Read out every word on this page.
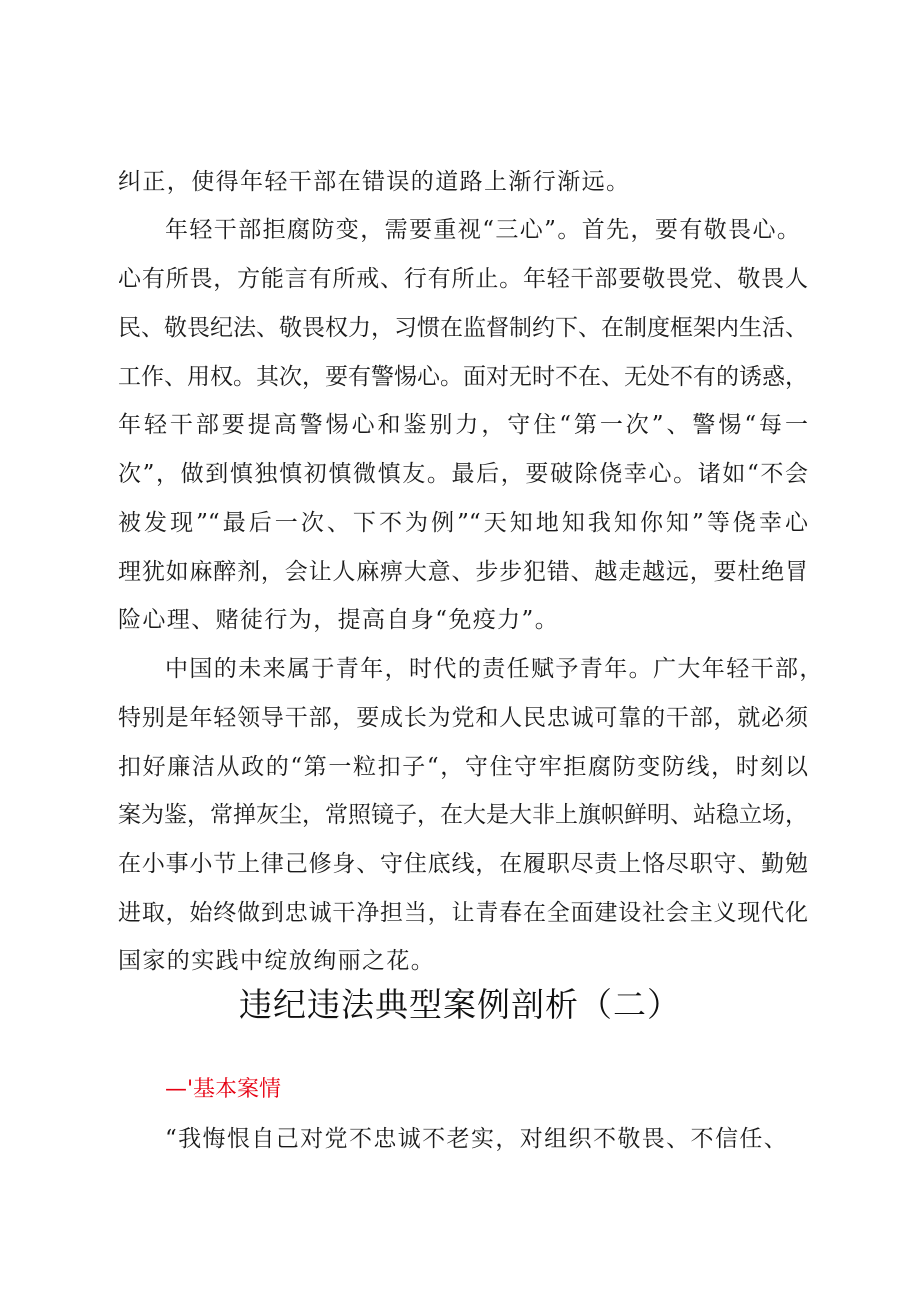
纠正，使得年轻干部在错误的道路上渐行渐远。
年轻干部拒腐防变，需要重视“三心”。首先，要有敬畏心。
心有所畏，方能言有所戒、行有所止。年轻干部要敬畏党、敬畏人
民、敬畏纪法、敬畏权力，习惯在监督制约下、在制度框架内生活、
工作、用权。其次，要有警惕心。面对无时不在、无处不有的诱惑，
年轻干部要提高警惕心和鉴别力，守住“第一次”、警惕“每一
次”，做到慎独慎初慎微慎友。最后，要破除侥幸心。诸如“不会
被发现”“最后一次、下不为例”“天知地知我知你知”等侥幸心
理犹如麻醉剂，会让人麻痹大意、步步犯错、越走越远，要杜绝冒
险心理、赌徒行为，提高自身“免疫力”。
中国的未来属于青年，时代的责任赋予青年。广大年轻干部，
特别是年轻领导干部，要成长为党和人民忠诚可靠的干部，就必须
扣好廉洁从政的“第一粒扣子“，守住守牢拒腐防变防线，时刻以
案为鉴，常掸灰尘，常照镜子，在大是大非上旗帜鲜明、站稳立场，
在小事小节上律己修身、守住底线，在履职尽责上恪尽职守、勤勉
进取，始终做到忠诚干净担当，让青春在全面建设社会主义现代化
国家的实践中绽放绚丽之花。
违纪违法典型案例剖析（二）
—'基本案情
“我悔恨自己对党不忠诚不老实，对组织不敬畏、不信任、
